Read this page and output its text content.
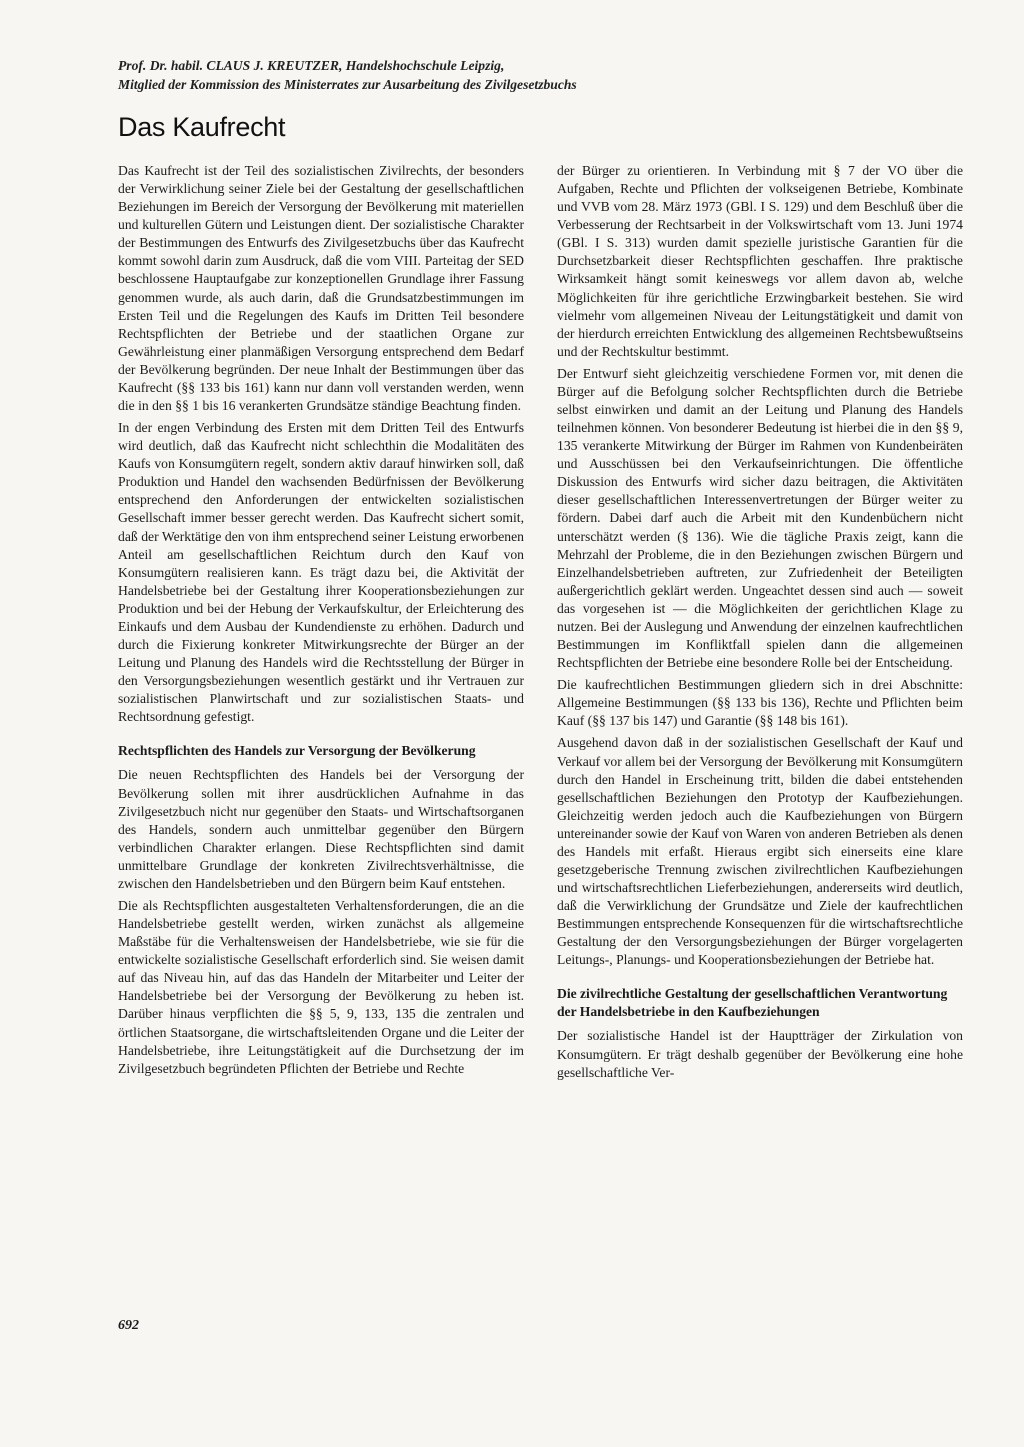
Prof. Dr. habil. CLAUS J. KREUTZER, Handelshochschule Leipzig,

Mitglied der Kommission des Ministerrates zur Ausarbeitung des Zivilgesetzbuchs

Das Kaufrecht

Das Kaufrecht ist der Teil des sozialistischen Zivilrechts, der besonders der Verwirklichung seiner Ziele bei der Gestaltung der gesellschaftlichen Beziehungen im Bereich der Versorgung der Bevölkerung mit materiellen und kulturellen Gütern und Leistungen dient. Der sozialistische Charakter der Bestimmungen des Entwurfs des Zivilgesetzbuchs über das Kaufrecht kommt sowohl darin zum Ausdruck, daß die vom VIII. Parteitag der SED beschlossene Hauptaufgabe zur konzeptionellen Grundlage ihrer Fassung genommen wurde, als auch darin, daß die Grundsatzbestimmungen im Ersten Teil und die Regelungen des Kaufs im Dritten Teil besondere Rechtspflichten der Betriebe und der staatlichen Organe zur Gewährleistung einer planmäßigen Versorgung entsprechend dem Bedarf der Bevölkerung begründen. Der neue Inhalt der Bestimmungen über das Kaufrecht (§§ 133 bis 161) kann nur dann voll verstanden werden, wenn die in den §§ 1 bis 16 verankerten Grundsätze ständige Beachtung finden.

In der engen Verbindung des Ersten mit dem Dritten Teil des Entwurfs wird deutlich, daß das Kaufrecht nicht schlechthin die Modalitäten des Kaufs von Konsumgütern regelt, sondern aktiv darauf hinwirken soll, daß Produktion und Handel den wachsenden Bedürfnissen der Bevölkerung entsprechend den Anforderungen der entwickelten sozialistischen Gesellschaft immer besser gerecht werden. Das Kaufrecht sichert somit, daß der Werktätige den von ihm entsprechend seiner Leistung erworbenen Anteil am gesellschaftlichen Reichtum durch den Kauf von Konsumgütern realisieren kann. Es trägt dazu bei, die Aktivität der Handelsbetriebe bei der Gestaltung ihrer Kooperationsbeziehungen zur Produktion und bei der Hebung der Verkaufskultur, der Erleichterung des Einkaufs und dem Ausbau der Kundendienste zu erhöhen. Dadurch und durch die Fixierung konkreter Mitwirkungsrechte der Bürger an der Leitung und Planung des Handels wird die Rechtsstellung der Bürger in den Versorgungsbeziehungen wesentlich gestärkt und ihr Vertrauen zur sozialistischen Planwirtschaft und zur sozialistischen Staats- und Rechtsordnung gefestigt.

Rechtspflichten des Handels zur Versorgung der Bevölkerung

Die neuen Rechtspflichten des Handels bei der Versorgung der Bevölkerung sollen mit ihrer ausdrücklichen Aufnahme in das Zivilgesetzbuch nicht nur gegenüber den Staats- und Wirtschaftsorganen des Handels, sondern auch unmittelbar gegenüber den Bürgern verbindlichen Charakter erlangen. Diese Rechtspflichten sind damit unmittelbare Grundlage der konkreten Zivilrechtsverhältnisse, die zwischen den Handelsbetrieben und den Bürgern beim Kauf entstehen.

Die als Rechtspflichten ausgestalteten Verhaltensforderungen, die an die Handelsbetriebe gestellt werden, wirken zunächst als allgemeine Maßstäbe für die Verhaltensweisen der Handelsbetriebe, wie sie für die entwickelte sozialistische Gesellschaft erforderlich sind. Sie weisen damit auf das Niveau hin, auf das das Handeln der Mitarbeiter und Leiter der Handelsbetriebe bei der Versorgung der Bevölkerung zu heben ist. Darüber hinaus verpflichten die §§ 5, 9, 133, 135 die zentralen und örtlichen Staatsorgane, die wirtschaftsleitenden Organe und die Leiter der Handelsbetriebe, ihre Leitungstätigkeit auf die Durchsetzung der im Zivilgesetzbuch begründeten Pflichten der Betriebe und Rechte

der Bürger zu orientieren. In Verbindung mit § 7 der VO über die Aufgaben, Rechte und Pflichten der volkseigenen Betriebe, Kombinate und VVB vom 28. März 1973 (GBl. I S. 129) und dem Beschluß über die Verbesserung der Rechtsarbeit in der Volkswirtschaft vom 13. Juni 1974 (GBl. I S. 313) wurden damit spezielle juristische Garantien für die Durchsetzbarkeit dieser Rechtspflichten geschaffen. Ihre praktische Wirksamkeit hängt somit keineswegs vor allem davon ab, welche Möglichkeiten für ihre gerichtliche Erzwingbarkeit bestehen. Sie wird vielmehr vom allgemeinen Niveau der Leitungstätigkeit und damit von der hierdurch erreichten Entwicklung des allgemeinen Rechtsbewußtseins und der Rechtskultur bestimmt.

Der Entwurf sieht gleichzeitig verschiedene Formen vor, mit denen die Bürger auf die Befolgung solcher Rechtspflichten durch die Betriebe selbst einwirken und damit an der Leitung und Planung des Handels teilnehmen können. Von besonderer Bedeutung ist hierbei die in den §§ 9, 135 verankerte Mitwirkung der Bürger im Rahmen von Kundenbeiräten und Ausschüssen bei den Verkaufseinrichtungen. Die öffentliche Diskussion des Entwurfs wird sicher dazu beitragen, die Aktivitäten dieser gesellschaftlichen Interessenvertretungen der Bürger weiter zu fördern. Dabei darf auch die Arbeit mit den Kundenbüchern nicht unterschätzt werden (§ 136). Wie die tägliche Praxis zeigt, kann die Mehrzahl der Probleme, die in den Beziehungen zwischen Bürgern und Einzelhandelsbetrieben auftreten, zur Zufriedenheit der Beteiligten außergerichtlich geklärt werden. Ungeachtet dessen sind auch — soweit das vorgesehen ist — die Möglichkeiten der gerichtlichen Klage zu nutzen. Bei der Auslegung und Anwendung der einzelnen kaufrechtlichen Bestimmungen im Konfliktfall spielen dann die allgemeinen Rechtspflichten der Betriebe eine besondere Rolle bei der Entscheidung.

Die kaufrechtlichen Bestimmungen gliedern sich in drei Abschnitte: Allgemeine Bestimmungen (§§ 133 bis 136), Rechte und Pflichten beim Kauf (§§ 137 bis 147) und Garantie (§§ 148 bis 161).

Ausgehend davon daß in der sozialistischen Gesellschaft der Kauf und Verkauf vor allem bei der Versorgung der Bevölkerung mit Konsumgütern durch den Handel in Erscheinung tritt, bilden die dabei entstehenden gesellschaftlichen Beziehungen den Prototyp der Kaufbeziehungen. Gleichzeitig werden jedoch auch die Kaufbeziehungen von Bürgern untereinander sowie der Kauf von Waren von anderen Betrieben als denen des Handels mit erfaßt. Hieraus ergibt sich einerseits eine klare gesetzgeberische Trennung zwischen zivilrechtlichen Kaufbeziehungen und wirtschaftsrechtlichen Lieferbeziehungen, andererseits wird deutlich, daß die Verwirklichung der Grundsätze und Ziele der kaufrechtlichen Bestimmungen entsprechende Konsequenzen für die wirtschaftsrechtliche Gestaltung der den Versorgungsbeziehungen der Bürger vorgelagerten Leitungs-, Planungs- und Kooperationsbeziehungen der Betriebe hat.

Die zivilrechtliche Gestaltung der gesellschaftlichen Verantwortung der Handelsbetriebe in den Kaufbeziehungen

Der sozialistische Handel ist der Hauptträger der Zirkulation von Konsumgütern. Er trägt deshalb gegenüber der Bevölkerung eine hohe gesellschaftliche Ver-

692
